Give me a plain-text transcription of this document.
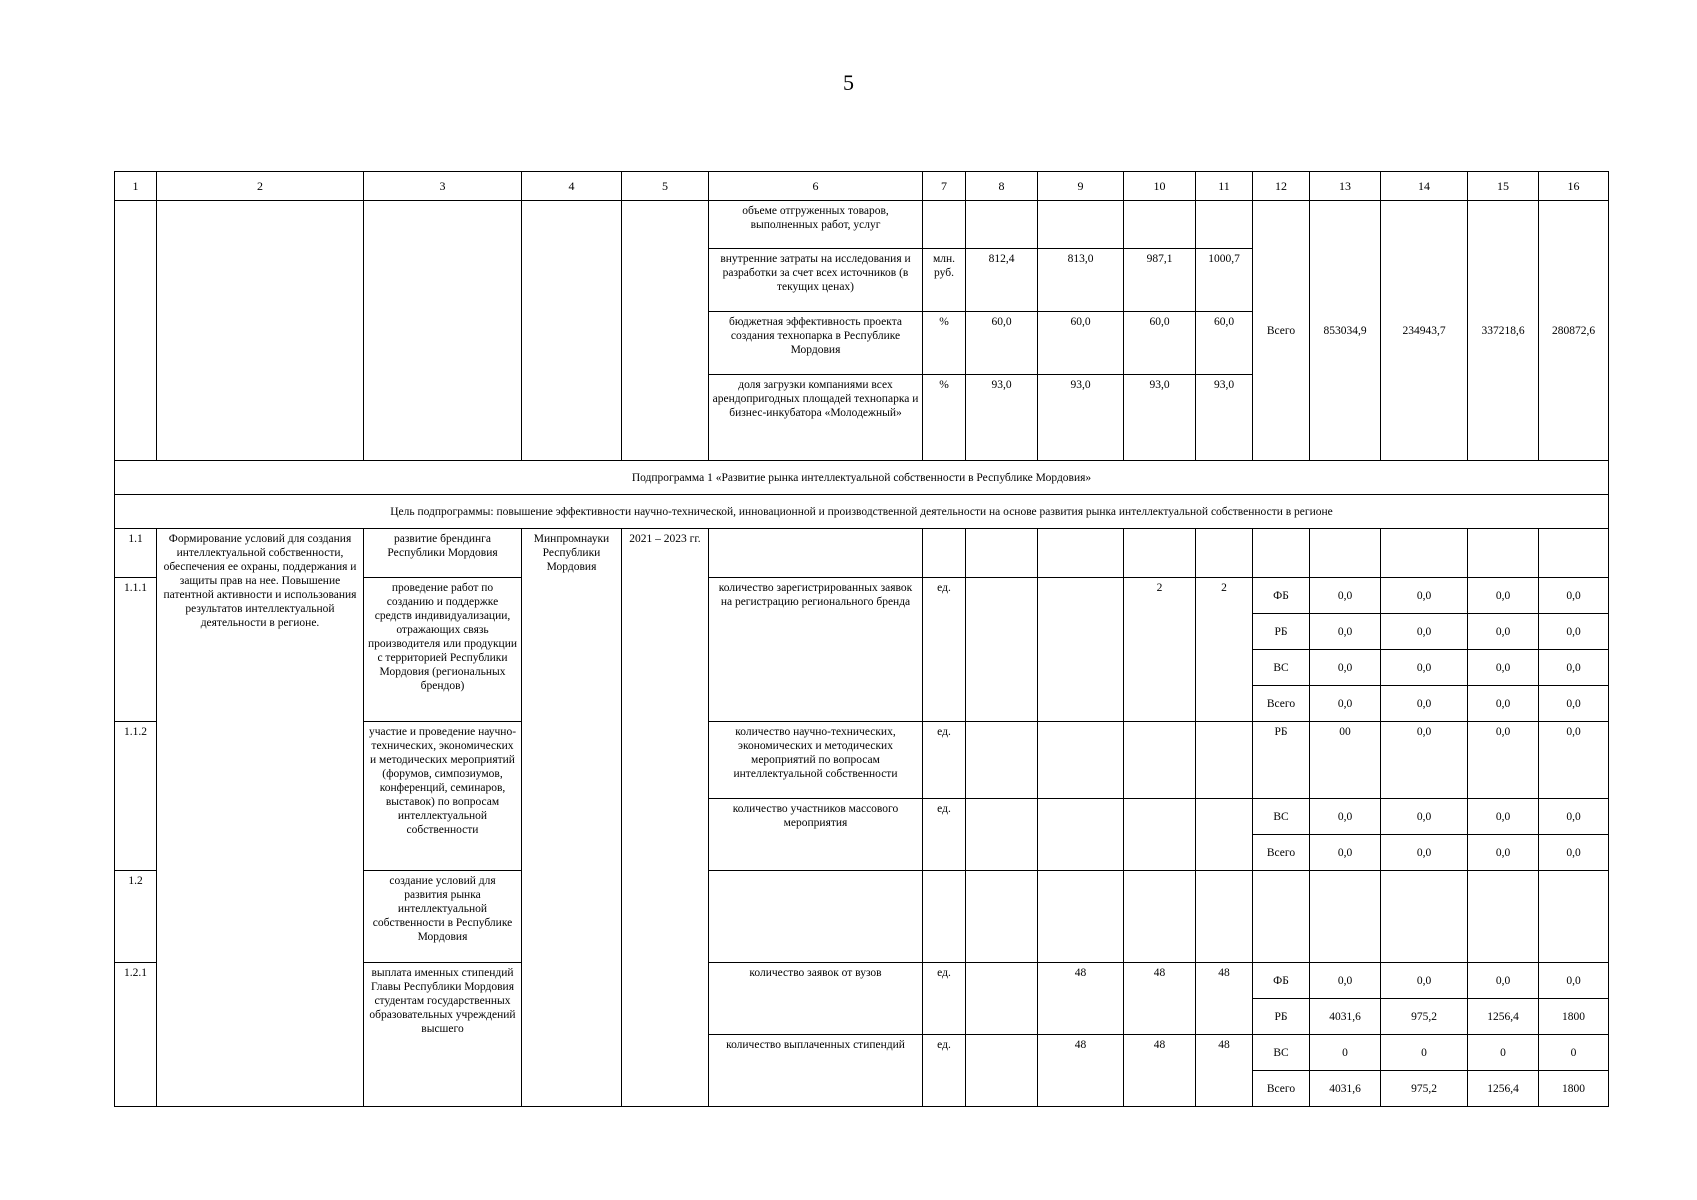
5
1	2	3	4	5	6	7	8	9	10	11	12	13	14	15	16
					объеме отгруженных товаров, выполненных работ, услуг						Всего	853034,9	234943,7	337218,6	280872,6
					внутренние затраты на исследования и разработки за счет всех источников (в текущих ценах)	млн. руб.	812,4	813,0	987,1	1000,7					
					бюджетная эффективность проекта создания технопарка в Республике Мордовия	%	60,0	60,0	60,0	60,0					
					доля загрузки компаниями всех арендопригодных площадей технопарка и бизнес-инкубатора «Молодежный»	%	93,0	93,0	93,0	93,0					
Подпрограмма 1 «Развитие рынка интеллектуальной собственности в Республике Мордовия»															
Цель подпрограммы: повышение эффективности научно-технической, инновационной и производственной деятельности на основе развития рынка интеллектуальной собственности в регионе															
1.1	Формирование условий для создания интеллектуальной собственности, обеспечения ее охраны, поддержания и защиты прав на нее. Повышение патентной активности и использования результатов интеллектуальной деятельности в регионе.	развитие брендинга Республики Мордовия	Минпромнауки Республики Мордовия	2021 – 2023 гг.											
1.1.1		проведение работ по созданию и поддержке средств индивидуализации, отражающих связь производителя или продукции с территорией Республики Мордовия (региональных брендов)			количество зарегистрированных заявок на регистрацию регионального бренда	ед.			2	2	ФБ	0,0	0,0	0,0	0,0
											РБ	0,0	0,0	0,0	0,0
											ВС	0,0	0,0	0,0	0,0
											Всего	0,0	0,0	0,0	0,0
1.1.2		участие и проведение научно-технических, экономических и методических мероприятий (форумов, симпозиумов, конференций, семинаров, выставок) по вопросам интеллектуальной собственности			количество научно-технических, экономических и методических мероприятий по вопросам интеллектуальной собственности	ед.					РБ	00	0,0	0,0	0,0
					количество участников массового мероприятия	ед.					ВС	0,0	0,0	0,0	0,0
											Всего	0,0	0,0	0,0	0,0
1.2		создание условий для развития рынка интеллектуальной собственности в Республике Мордовия													
1.2.1		выплата именных стипендий Главы Республики Мордовия студентам государственных образовательных учреждений высшего			количество заявок от вузов	ед.		48	48	48	ФБ	0,0	0,0	0,0	0,0
											РБ	4031,6	975,2	1256,4	1800
					количество выплаченных стипендий	ед.		48	48	48	ВС	0	0	0	0
											Всего	4031,6	975,2	1256,4	1800
